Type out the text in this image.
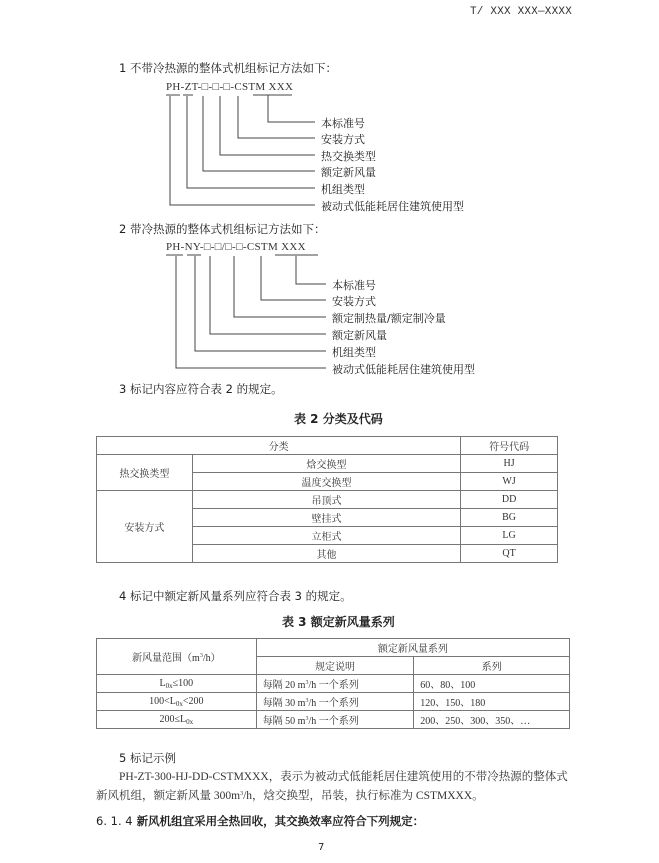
T/ XXX XXX—XXXX
1 不带冷热源的整体式机组标记方法如下：
PH-ZT-□-□-□-CSTM XXX
本标准号
安装方式
热交换类型
额定新风量
机组类型
被动式低能耗居住建筑使用型
2 带冷热源的整体式机组标记方法如下：
PH-NY-□-□/□-□-CSTM XXX
本标准号
安装方式
额定制热量/额定制冷量
额定新风量
机组类型
被动式低能耗居住建筑使用型
3 标记内容应符合表 2 的规定。
表 2 分类及代码
分类		符号代码
热交换类型	焓交换型	HJ
	温度交换型	WJ
安装方式	吊顶式	DD
	壁挂式	BG
	立柜式	LG
	其他	QT
4 标记中额定新风量系列应符合表 3 的规定。
表 3 额定新风量系列
新风量范围$(m^3/h)$	额定新风量系列	
	规定说明	系列
$L_{0x}\le 100$	每隔 20 $m^3/h$ 一个系列	60、80、100
$100<L_{0x}<200$	每隔 30 $m^3/h$ 一个系列	120、150、180
$200\le L_{0x}$	每隔 50 $m^3/h$ 一个系列	200、250、300、350、…
5 标记示例
PH-ZT-300-HJ-DD-CSTMXXX，表示为被动式低能耗居住建筑使用的不带冷热源的整体式
新风机组，额定新风量 $300m^3/h$，焓交换型，吊装，执行标准为 CSTMXXX。
6. 1. 4 新风机组宜采用全热回收，其交换效率应符合下列规定：
7
